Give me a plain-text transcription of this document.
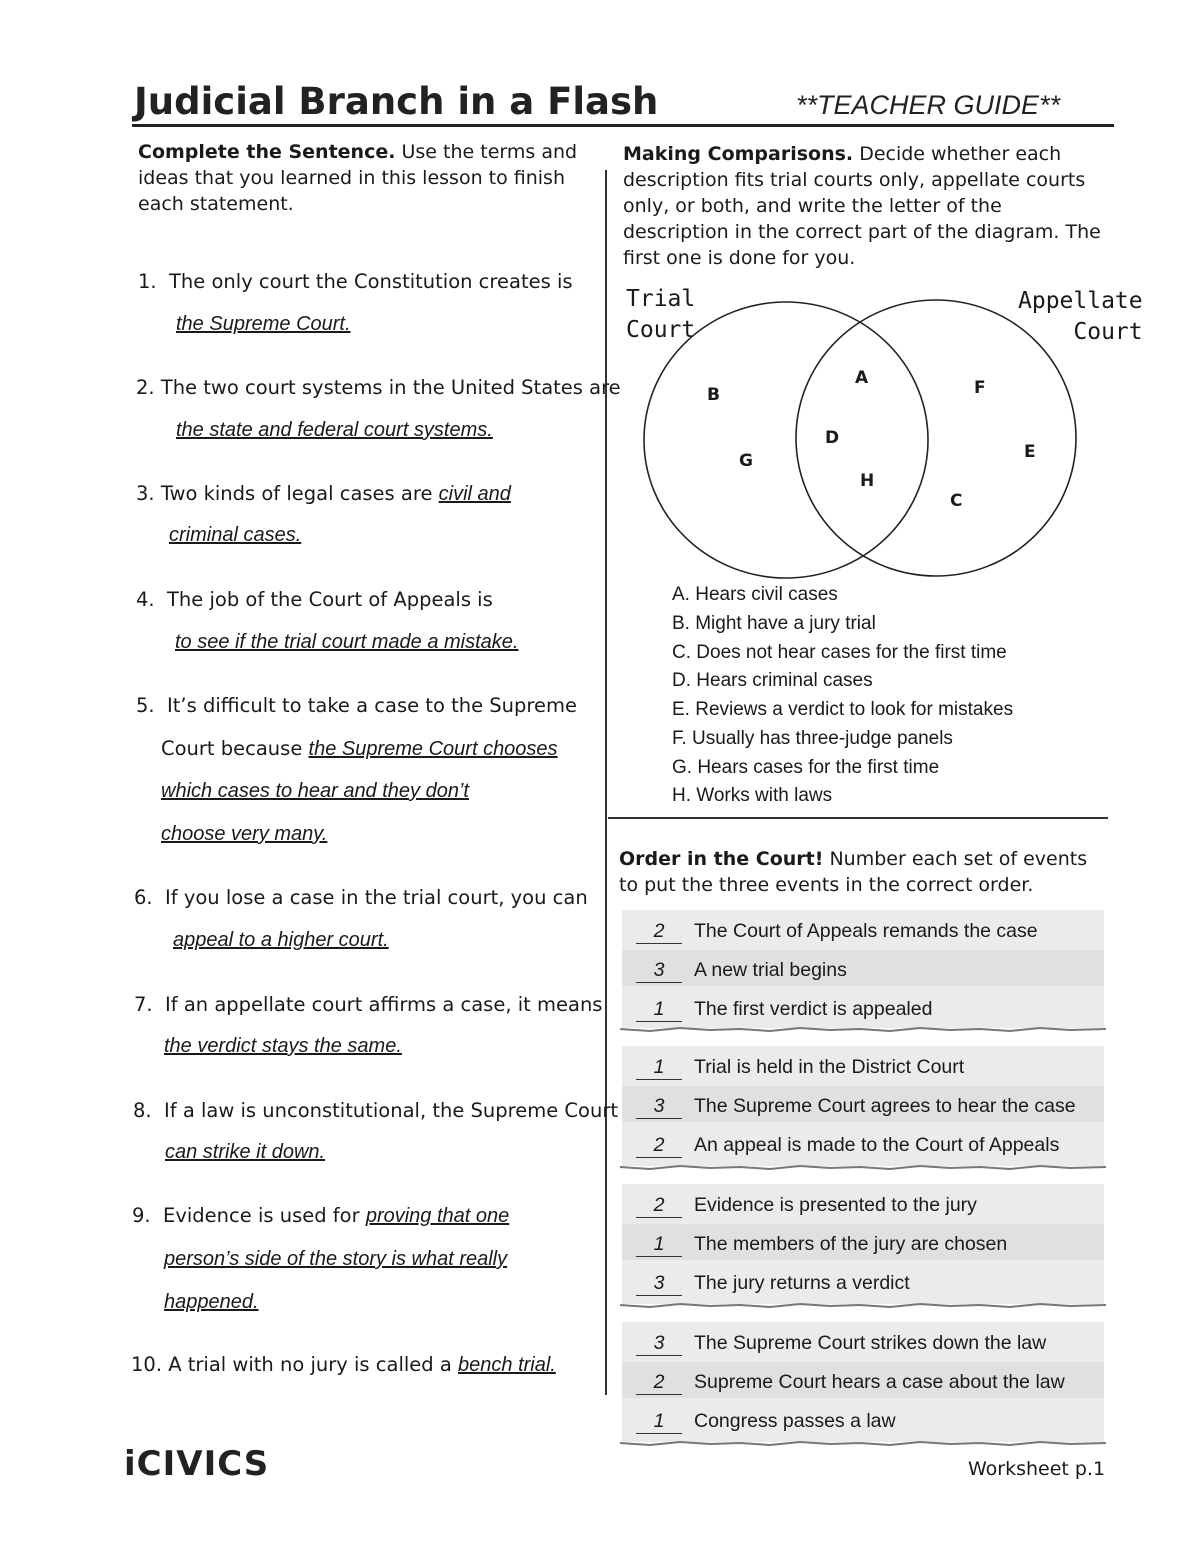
Judicial Branch in a Flash	**TEACHER GUIDE**
Complete the Sentence. Use the terms and ideas that you learned in this lesson to finish each statement.
1. The only court the Constitution creates is
the Supreme Court.
2. The two court systems in the United States are
the state and federal court systems.
3. Two kinds of legal cases are civil and
criminal cases.
4. The job of the Court of Appeals is
to see if the trial court made a mistake.
5. It’s difficult to take a case to the Supreme
Court because the Supreme Court chooses
which cases to hear and they don’t
choose very many.
6. If you lose a case in the trial court, you can
appeal to a higher court.
7. If an appellate court affirms a case, it means
the verdict stays the same.
8. If a law is unconstitutional, the Supreme Court
can strike it down.
9. Evidence is used for proving that one
person’s side of the story is what really
happened.
10. A trial with no jury is called a bench trial.
Making Comparisons. Decide whether each description fits trial courts only, appellate courts only, or both, and write the letter of the description in the correct part of the diagram. The first one is done for you.
Trial
Court
Appellate
Court
A
B
C
D
E
F
G
H
A. Hears civil cases
B. Might have a jury trial
C. Does not hear cases for the first time
D. Hears criminal cases
E. Reviews a verdict to look for mistakes
F. Usually has three-judge panels
G. Hears cases for the first time
H. Works with laws
Order in the Court! Number each set of events to put the three events in the correct order.
2 The Court of Appeals remands the case
3 A new trial begins
1 The first verdict is appealed
1 Trial is held in the District Court
3 The Supreme Court agrees to hear the case
2 An appeal is made to the Court of Appeals
2 Evidence is presented to the jury
1 The members of the jury are chosen
3 The jury returns a verdict
3 The Supreme Court strikes down the law
2 Supreme Court hears a case about the law
1 Congress passes a law
iCIVICS	Worksheet p.1
